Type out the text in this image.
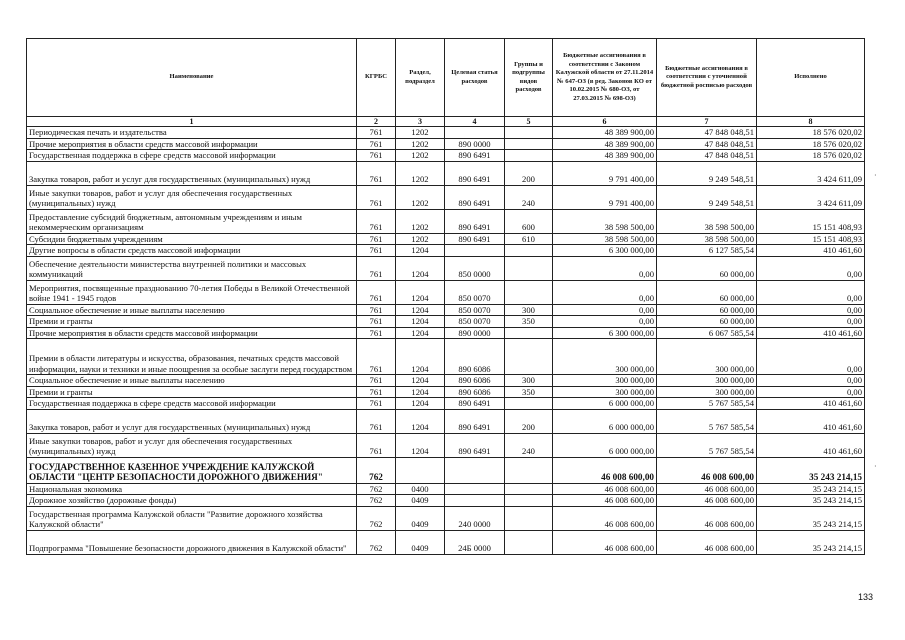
Наименование	КГРБС	Раздел, подраздел	Целевая статья расходов	Группы и подгруппы видов расходов	Бюджетные ассигнования в соответствии с Законом Калужской области от 27.11.2014 № 647-ОЗ (в ред. Законов КО от 10.02.2015 № 680-ОЗ, от 27.03.2015 № 698-ОЗ)	Бюджетные ассигнования в соответствии с уточненной бюджетной росписью расходов	Исполнено
1	2	3	4	5	6	7	8
Периодическая печать и издательства	761	1202			48 389 900,00	47 848 048,51	18 576 020,02
Прочие мероприятия в области средств массовой информации	761	1202	890 0000		48 389 900,00	47 848 048,51	18 576 020,02
Государственная поддержка в сфере средств массовой информации	761	1202	890 6491		48 389 900,00	47 848 048,51	18 576 020,02
Закупка товаров, работ и услуг для государственных (муниципальных) нужд	761	1202	890 6491	200	9 791 400,00	9 249 548,51	3 424 611,09
Иные закупки товаров, работ и услуг для обеспечения государственных (муниципальных) нужд	761	1202	890 6491	240	9 791 400,00	9 249 548,51	3 424 611,09
Предоставление субсидий бюджетным, автономным учреждениям и иным некоммерческим организациям	761	1202	890 6491	600	38 598 500,00	38 598 500,00	15 151 408,93
Субсидии бюджетным учреждениям	761	1202	890 6491	610	38 598 500,00	38 598 500,00	15 151 408,93
Другие вопросы в области средств массовой информации	761	1204			6 300 000,00	6 127 585,54	410 461,60
Обеспечение деятельности министерства внутренней политики и массовых коммуникаций	761	1204	850 0000		0,00	60 000,00	0,00
Мероприятия, посвященные празднованию 70-летия Победы в Великой Отечественной войне 1941 - 1945 годов	761	1204	850 0070		0,00	60 000,00	0,00
Социальное обеспечение и иные выплаты населению	761	1204	850 0070	300	0,00	60 000,00	0,00
Премии и гранты	761	1204	850 0070	350	0,00	60 000,00	0,00
Прочие мероприятия в области средств массовой информации	761	1204	890 0000		6 300 000,00	6 067 585,54	410 461,60
Премии в области литературы и искусства, образования, печатных средств массовой информации, науки и техники и иные поощрения за особые заслуги перед государством	761	1204	890 6086		300 000,00	300 000,00	0,00
Социальное обеспечение и иные выплаты населению	761	1204	890 6086	300	300 000,00	300 000,00	0,00
Премии и гранты	761	1204	890 6086	350	300 000,00	300 000,00	0,00
Государственная поддержка в сфере средств массовой информации	761	1204	890 6491		6 000 000,00	5 767 585,54	410 461,60
Закупка товаров, работ и услуг для государственных (муниципальных) нужд	761	1204	890 6491	200	6 000 000,00	5 767 585,54	410 461,60
Иные закупки товаров, работ и услуг для обеспечения государственных (муниципальных) нужд	761	1204	890 6491	240	6 000 000,00	5 767 585,54	410 461,60
ГОСУДАРСТВЕННОЕ КАЗЕННОЕ УЧРЕЖДЕНИЕ КАЛУЖСКОЙ ОБЛАСТИ "ЦЕНТР БЕЗОПАСНОСТИ ДОРОЖНОГО ДВИЖЕНИЯ"	762				46 008 600,00	46 008 600,00	35 243 214,15
Национальная экономика	762	0400			46 008 600,00	46 008 600,00	35 243 214,15
Дорожное хозяйство (дорожные фонды)	762	0409			46 008 600,00	46 008 600,00	35 243 214,15
Государственная программа Калужской области "Развитие дорожного хозяйства Калужской области"	762	0409	240 0000		46 008 600,00	46 008 600,00	35 243 214,15
Подпрограмма "Повышение безопасности дорожного движения в Калужской области"	762	0409	24Б 0000		46 008 600,00	46 008 600,00	35 243 214,15
·
·
133
